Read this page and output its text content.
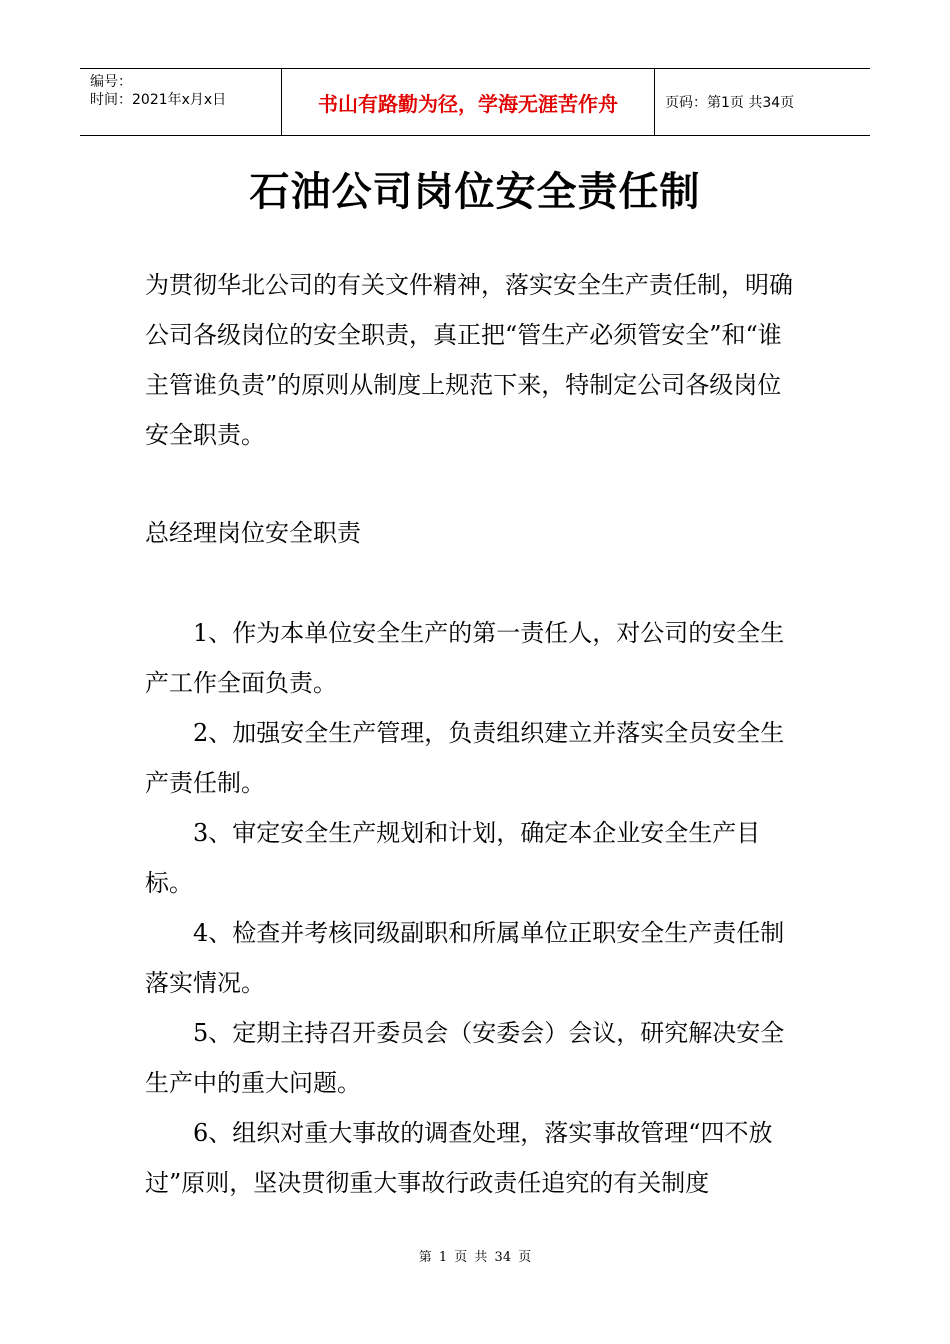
编号：
时间：2021年x月x日	书山有路勤为径，学海无涯苦作舟	页码：第1页 共34页
石油公司岗位安全责任制

为贯彻华北公司的有关文件精神，落实安全生产责任制，明确公司各级岗位的安全职责，真正把“管生产必须管安全”和“谁主管谁负责”的原则从制度上规范下来，特制定公司各级岗位安全职责。

总经理岗位安全职责

1、作为本单位安全生产的第一责任人，对公司的安全生产工作全面负责。

2、加强安全生产管理，负责组织建立并落实全员安全生产责任制。

3、审定安全生产规划和计划，确定本企业安全生产目标。

4、检查并考核同级副职和所属单位正职安全生产责任制落实情况。

5、定期主持召开委员会（安委会）会议，研究解决安全生产中的重大问题。

6、组织对重大事故的调查处理，落实事故管理“四不放过”原则，坚决贯彻重大事故行政责任追究的有关制度

第 1 页 共 34 页
